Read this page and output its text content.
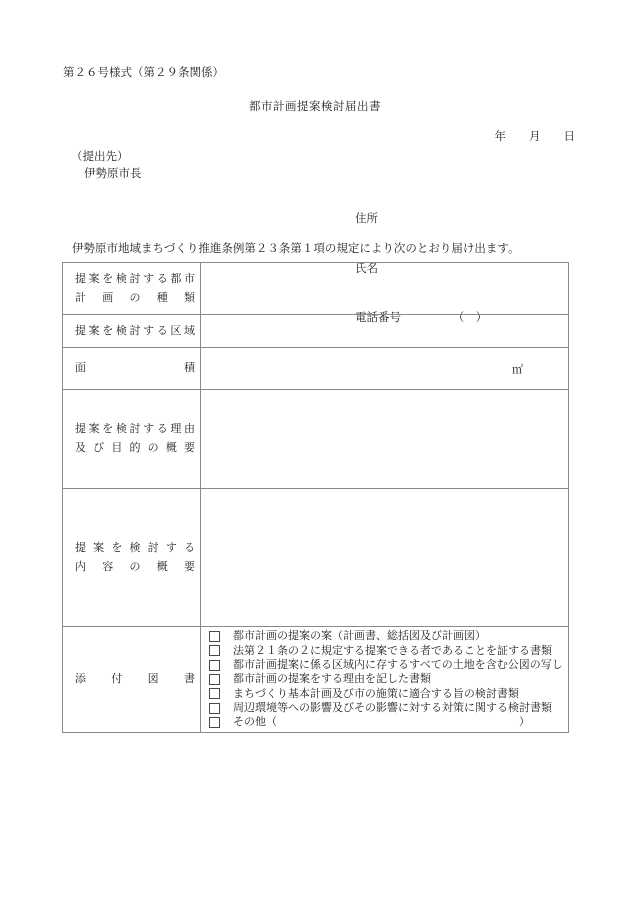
第２６号様式（第２９条関係）
都市計画提案検討届出書
年　　月　　日
（提出先）
伊勢原市長

住所

氏名

電話番号　　　　　（　）

伊勢原市地域まちづくり推進条例第２３条第１項の規定により次のとおり届け出ます。
提案を検討する都市
計画の種類	

提案を検討する区域	

面積	㎡

提案を検討する理由
及び目的の概要	

提案を検討する
内容の概要	

添付図書

都市計画の提案の案（計画書、総括図及び計画図）
法第２１条の２に規定する提案できる者であることを証する書類
都市計画提案に係る区域内に存するすべての土地を含む公図の写し
都市計画の提案をする理由を記した書類
まちづくり基本計画及び市の施策に適合する旨の検討書類
周辺環境等への影響及びその影響に対する対策に関する検討書類
その他（　　　　　　　　　　　　　　　　　　　　　　）
